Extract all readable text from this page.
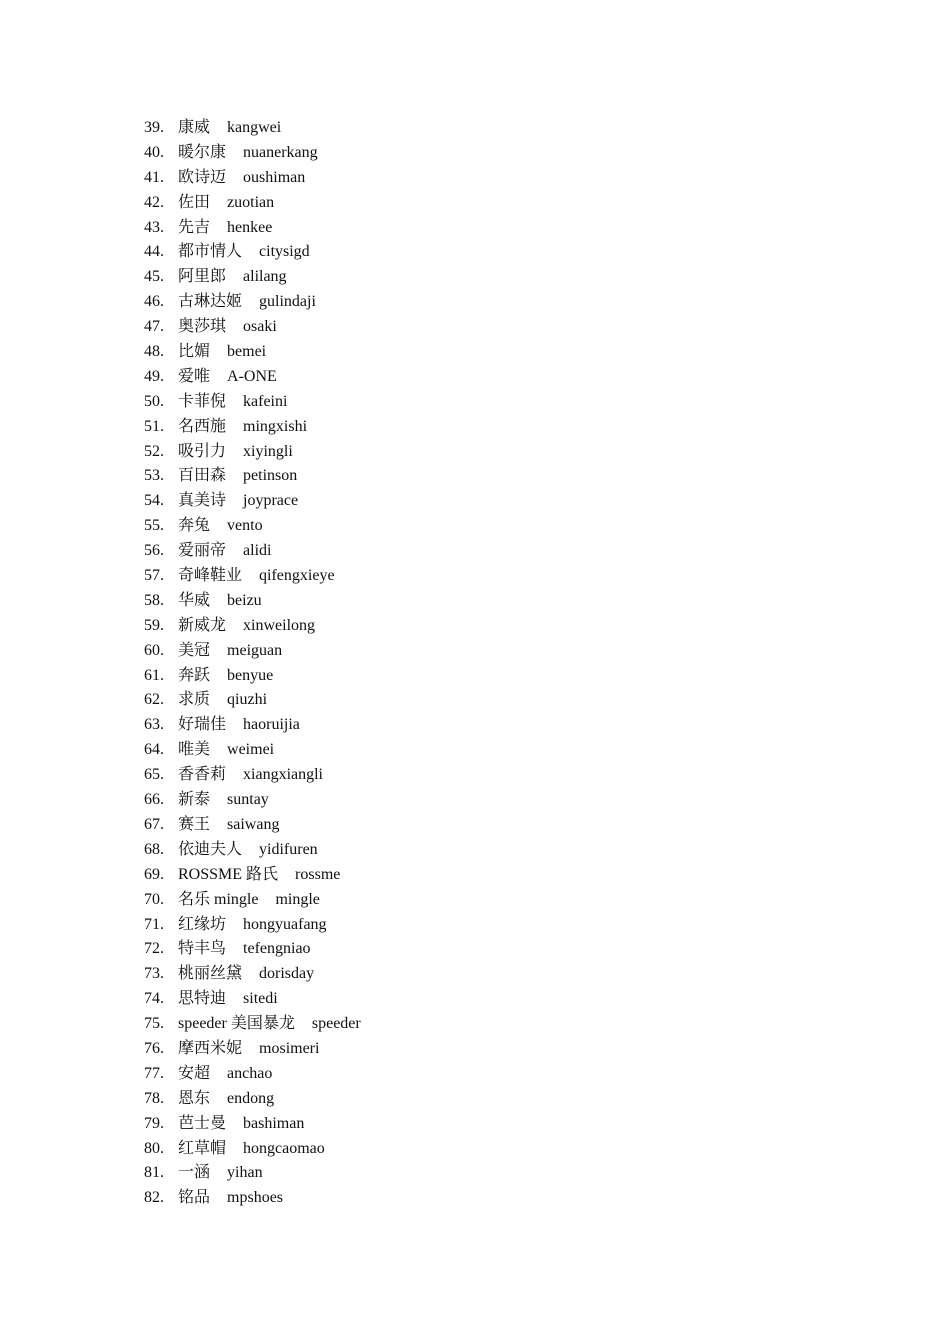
39. 康威 kangwei
40. 暖尔康 nuanerkang
41. 欧诗迈 oushiman
42. 佐田 zuotian
43. 先吉 henkee
44. 都市情人 citysigd
45. 阿里郎 alilang
46. 古琳达姬 gulindaji
47. 奥莎琪 osaki
48. 比媚 bemei
49. 爱唯 A-ONE
50. 卡菲倪 kafeini
51. 名西施 mingxishi
52. 吸引力 xiyingli
53. 百田森 petinson
54. 真美诗 joyprace
55. 奔兔 vento
56. 爱丽帝 alidi
57. 奇峰鞋业 qifengxieye
58. 华威 beizu
59. 新威龙 xinweilong
60. 美冠 meiguan
61. 奔跃 benyue
62. 求质 qiuzhi
63. 好瑞佳 haoruijia
64. 唯美 weimei
65. 香香莉 xiangxiangli
66. 新泰 suntay
67. 赛王 saiwang
68. 依迪夫人 yidifuren
69. ROSSME 路氏 rossme
70. 名乐 mingle mingle
71. 红缘坊 hongyuafang
72. 特丰鸟 tefengniao
73. 桃丽丝黛 dorisday
74. 思特迪 sitedi
75. speeder 美国暴龙 speeder
76. 摩西米妮 mosimeri
77. 安超 anchao
78. 恩东 endong
79. 芭士曼 bashiman
80. 红草帽 hongcaomao
81. 一涵 yihan
82. 铭品 mpshoes
